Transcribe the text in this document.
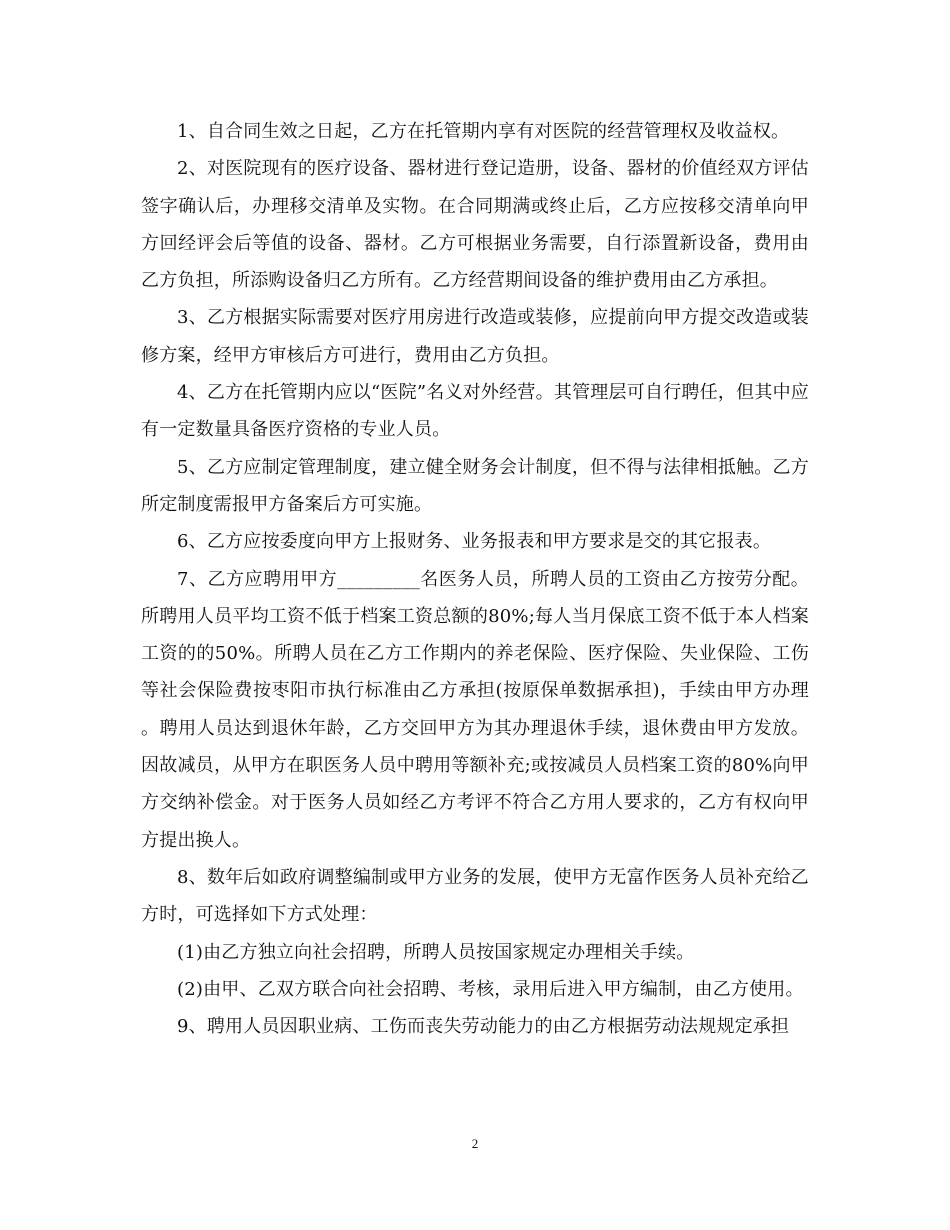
1、自合同生效之日起，乙方在托管期内享有对医院的经营管理权及收益权。

2、对医院现有的医疗设备、器材进行登记造册，设备、器材的价值经双方评估签字确认后，办理移交清单及实物。在合同期满或终止后，乙方应按移交清单向甲方回经评会后等值的设备、器材。乙方可根据业务需要，自行添置新设备，费用由乙方负担，所添购设备归乙方所有。乙方经营期间设备的维护费用由乙方承担。

3、乙方根据实际需要对医疗用房进行改造或装修，应提前向甲方提交改造或装修方案，经甲方审核后方可进行，费用由乙方负担。

4、乙方在托管期内应以“医院”名义对外经营。其管理层可自行聘任，但其中应有一定数量具备医疗资格的专业人员。

5、乙方应制定管理制度，建立健全财务会计制度，但不得与法律相抵触。乙方所定制度需报甲方备案后方可实施。

6、乙方应按委度向甲方上报财务、业务报表和甲方要求是交的其它报表。

7、乙方应聘用甲方_________名医务人员，所聘人员的工资由乙方按劳分配。所聘用人员平均工资不低于档案工资总额的80%;每人当月保底工资不低于本人档案工资的的50%。所聘人员在乙方工作期内的养老保险、医疗保险、失业保险、工伤等社会保险费按枣阳市执行标准由乙方承担(按原保单数据承担)，手续由甲方办理。聘用人员达到退休年龄，乙方交回甲方为其办理退休手续，退休费由甲方发放。因故减员，从甲方在职医务人员中聘用等额补充;或按减员人员档案工资的80%向甲方交纳补偿金。对于医务人员如经乙方考评不符合乙方用人要求的，乙方有权向甲方提出换人。

8、数年后如政府调整编制或甲方业务的发展，使甲方无富作医务人员补充给乙方时，可选择如下方式处理：

(1)由乙方独立向社会招聘，所聘人员按国家规定办理相关手续。

(2)由甲、乙双方联合向社会招聘、考核，录用后进入甲方编制，由乙方使用。

9、聘用人员因职业病、工伤而丧失劳动能力的由乙方根据劳动法规规定承担

2
